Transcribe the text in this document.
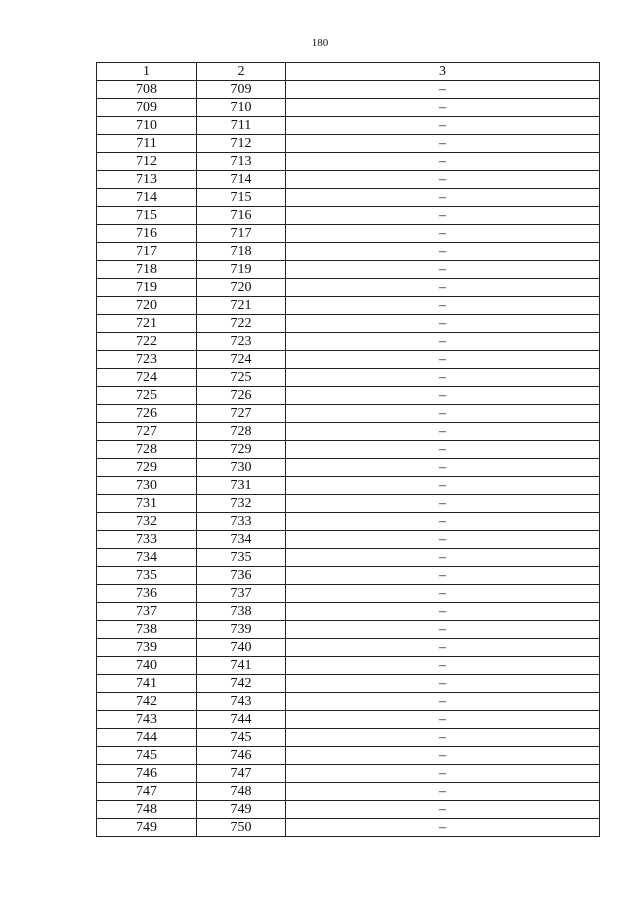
180
1	2	3
708	709	–
709	710	–
710	711	–
711	712	–
712	713	–
713	714	–
714	715	–
715	716	–
716	717	–
717	718	–
718	719	–
719	720	–
720	721	–
721	722	–
722	723	–
723	724	–
724	725	–
725	726	–
726	727	–
727	728	–
728	729	–
729	730	–
730	731	–
731	732	–
732	733	–
733	734	–
734	735	–
735	736	–
736	737	–
737	738	–
738	739	–
739	740	–
740	741	–
741	742	–
742	743	–
743	744	–
744	745	–
745	746	–
746	747	–
747	748	–
748	749	–
749	750	–
